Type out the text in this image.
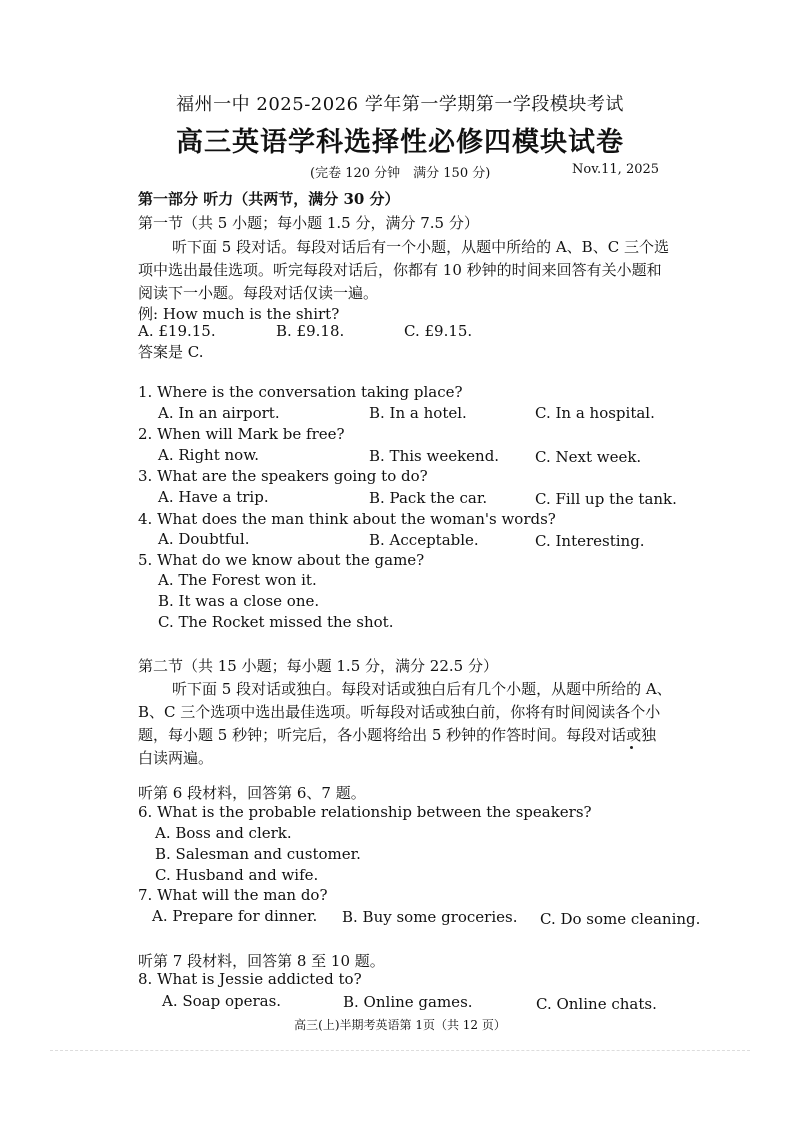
福州一中 2025-2026 学年第一学期第一学段模块考试
高三英语学科选择性必修四模块试卷
(完卷 120 分钟　满分 150 分)	Nov.11, 2025
第一部分 听力（共两节，满分 30 分）
第一节（共 5 小题；每小题 1.5 分，满分 7.5 分）
听下面 5 段对话。每段对话后有一个小题，从题中所给的 A、B、C 三个选
项中选出最佳选项。听完每段对话后，你都有 10 秒钟的时间来回答有关小题和
阅读下一小题。每段对话仅读一遍。
例: How much is the shirt?
A. £19.15.	B. £9.18.	C. £9.15.
答案是 C.
1. Where is the conversation taking place?
A. In an airport.	B. In a hotel.	C. In a hospital.
2. When will Mark be free?
A. Right now.	B. This weekend. C. Next week.
3. What are the speakers going to do?
A. Have a trip.	B. Pack the car.	C. Fill up the tank.
4. What does the man think about the woman's words?
A. Doubtful.	B. Acceptable.	C. Interesting.
5. What do we know about the game?
A. The Forest won it.
B. It was a close one.
C. The Rocket missed the shot.
第二节（共 15 小题；每小题 1.5 分，满分 22.5 分）
听下面 5 段对话或独白。每段对话或独白后有几个小题，从题中所给的 A、
B、C 三个选项中选出最佳选项。听每段对话或独白前，你将有时间阅读各个小
题，每小题 5 秒钟；听完后，各小题将给出 5 秒钟的作答时间。每段对话或独
白读两遍。
听第 6 段材料，回答第 6、7 题。
6. What is the probable relationship between the speakers?
A. Boss and clerk.
B. Salesman and customer.
C. Husband and wife.
7. What will the man do?
A. Prepare for dinner. B. Buy some groceries. C. Do some cleaning.
听第 7 段材料，回答第 8 至 10 题。
8. What is Jessie addicted to?
A. Soap operas.	B. Online games.	C. Online chats.
高三(上)半期考英语第 1页（共 12 页）
